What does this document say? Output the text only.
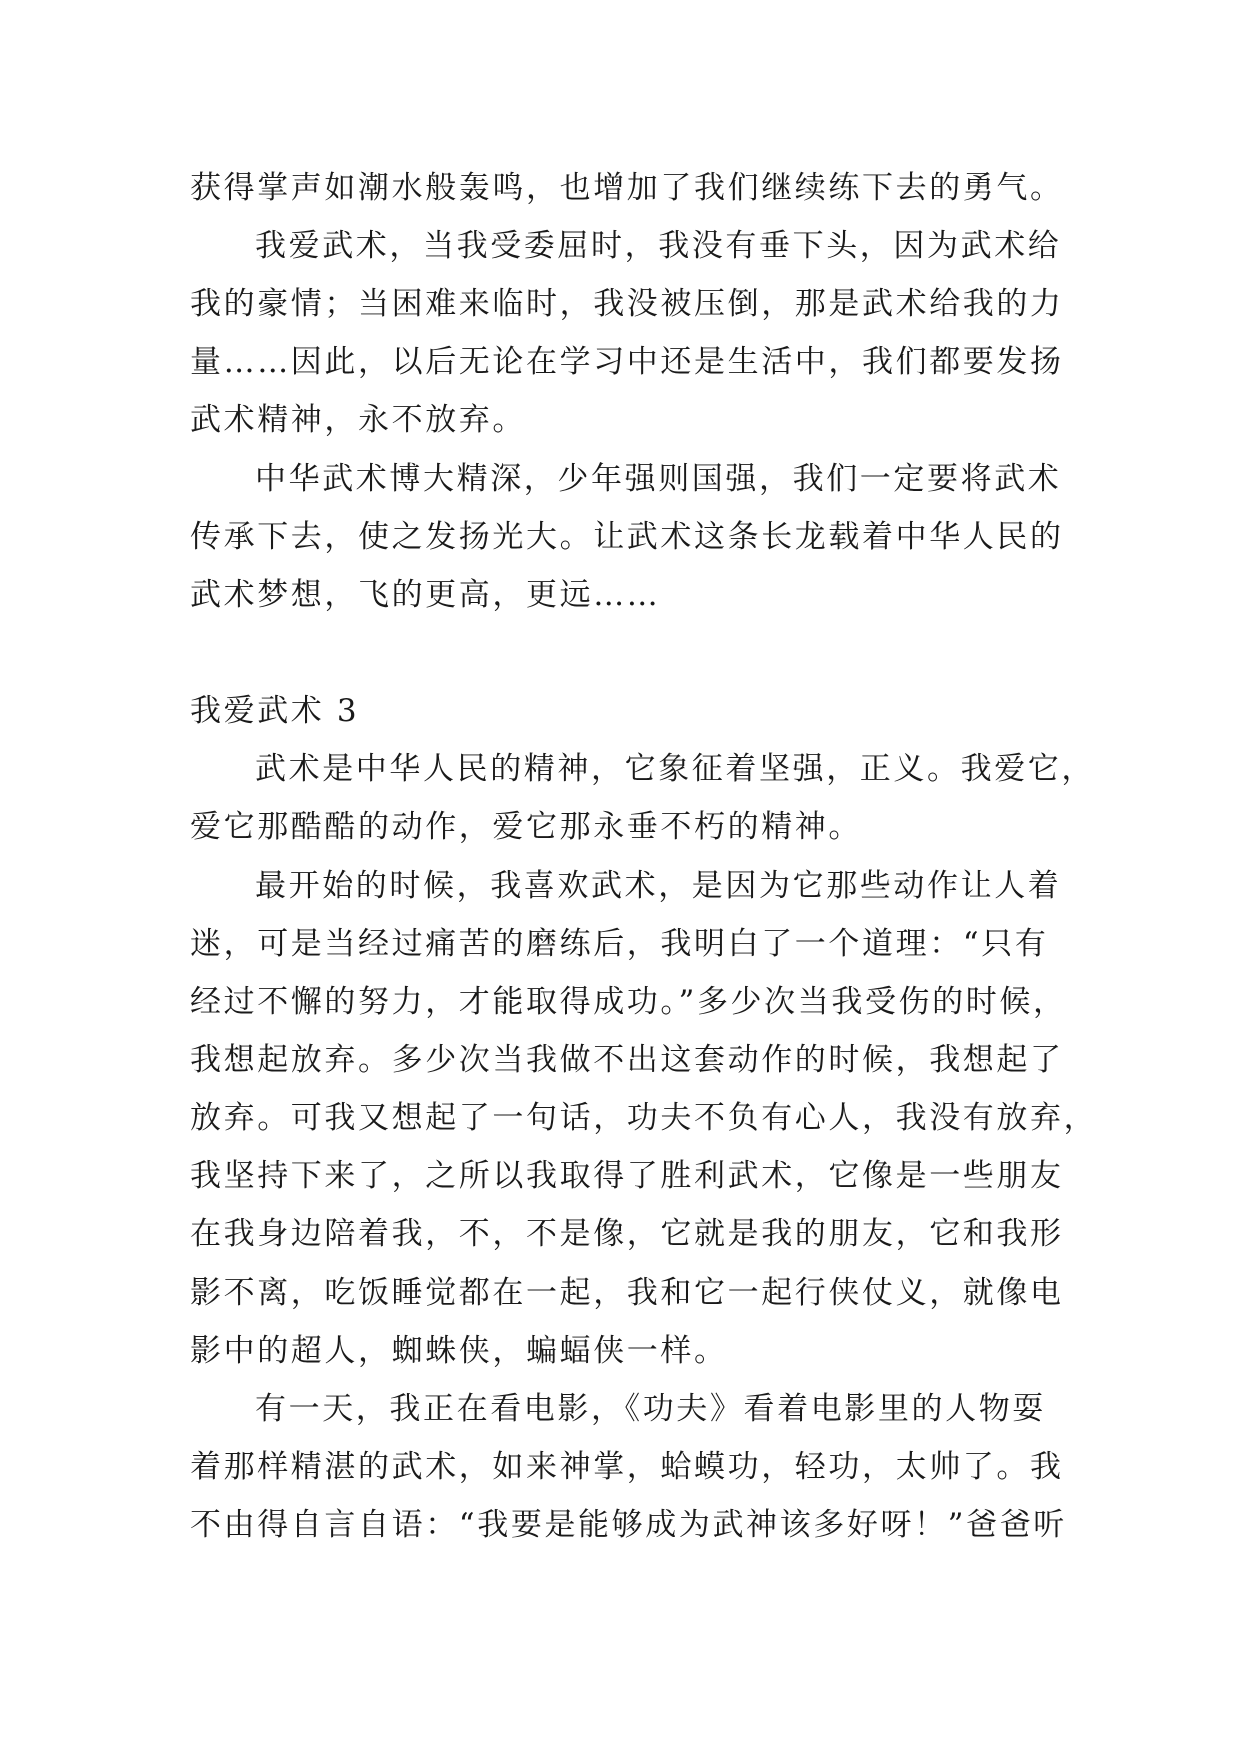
获得掌声如潮水般轰鸣，也增加了我们继续练下去的勇气。

我爱武术，当我受委屈时，我没有垂下头，因为武术给

我的豪情；当困难来临时，我没被压倒，那是武术给我的力

量……因此，以后无论在学习中还是生活中，我们都要发扬

武术精神，永不放弃。

中华武术博大精深，少年强则国强，我们一定要将武术

传承下去，使之发扬光大。让武术这条长龙载着中华人民的

武术梦想，飞的更高，更远……

我爱武术 3

武术是中华人民的精神，它象征着坚强，正义。我爱它，

爱它那酷酷的动作，爱它那永垂不朽的精神。

最开始的时候，我喜欢武术，是因为它那些动作让人着

迷，可是当经过痛苦的磨练后，我明白了一个道理：“只有

经过不懈的努力，才能取得成功。”多少次当我受伤的时候，

我想起放弃。多少次当我做不出这套动作的时候，我想起了

放弃。可我又想起了一句话，功夫不负有心人，我没有放弃，

我坚持下来了，之所以我取得了胜利武术，它像是一些朋友

在我身边陪着我，不，不是像，它就是我的朋友，它和我形

影不离，吃饭睡觉都在一起，我和它一起行侠仗义，就像电

影中的超人，蜘蛛侠，蝙蝠侠一样。

有一天，我正在看电影，《功夫》看着电影里的人物耍

着那样精湛的武术，如来神掌，蛤蟆功，轻功，太帅了。我

不由得自言自语：“我要是能够成为武神该多好呀！”爸爸听
